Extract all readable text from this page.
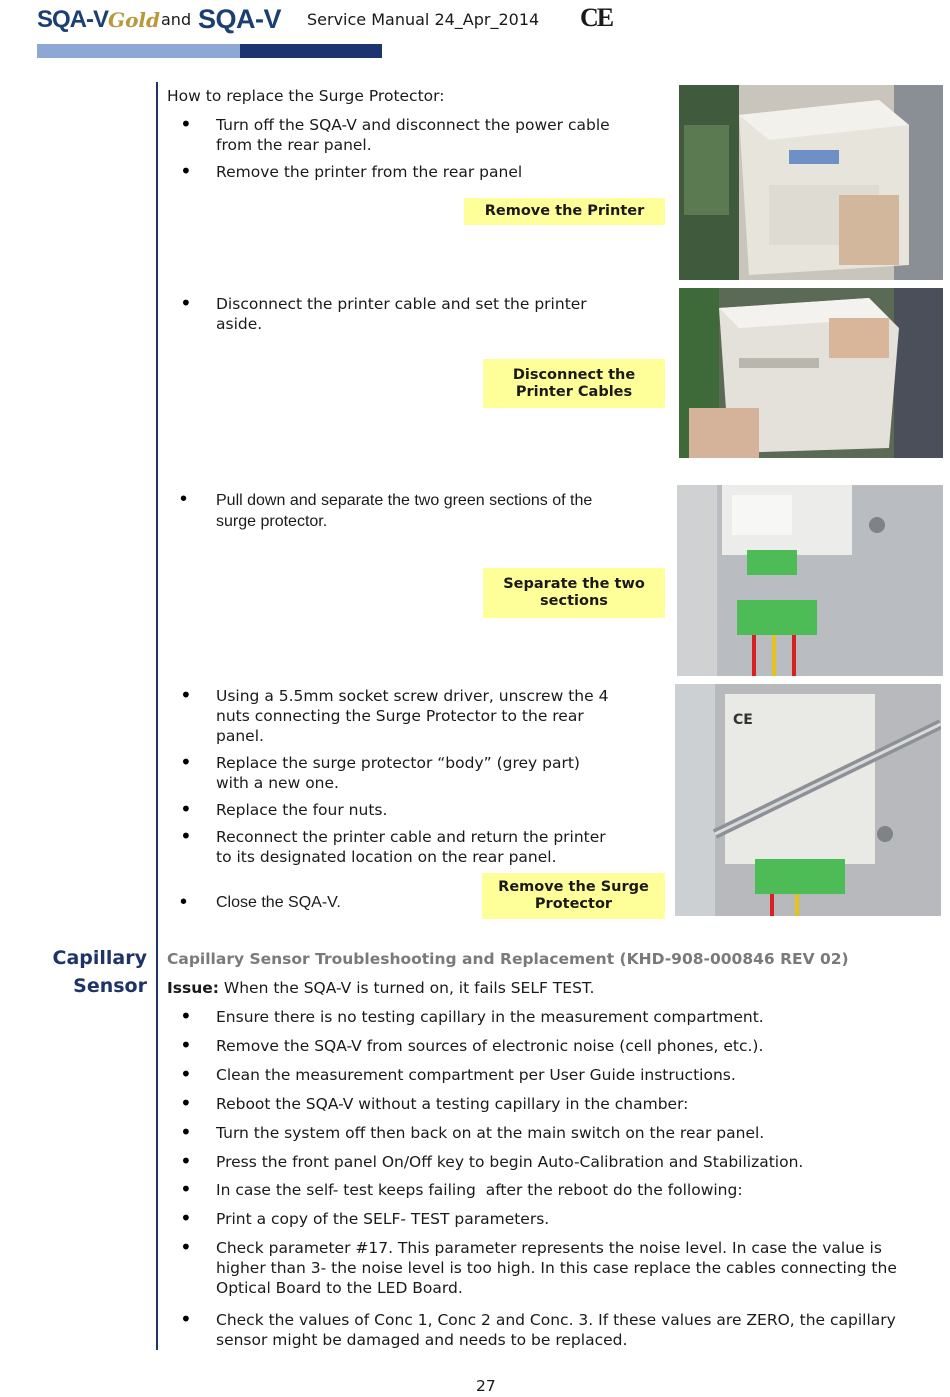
SQA-VGold and SQA-V Service Manual 24_Apr_2014 CE
How to replace the Surge Protector:
• Turn off the SQA-V and disconnect the power cable from the rear panel.
• Remove the printer from the rear panel
Remove the Printer
• Disconnect the printer cable and set the printer aside.
Disconnect the Printer Cables
• Pull down and separate the two green sections of the surge protector.
Separate the two sections
• Using a 5.5mm socket screw driver, unscrew the 4 nuts connecting the Surge Protector to the rear panel.
• Replace the surge protector “body” (grey part) with a new one.
• Replace the four nuts.
• Reconnect the printer cable and return the printer to its designated location on the rear panel.
• Close the SQA-V.
Remove the Surge Protector
CE
Capillary
Sensor
Capillary Sensor Troubleshooting and Replacement (KHD-908-000846 REV 02)
Issue: When the SQA-V is turned on, it fails SELF TEST.
• Ensure there is no testing capillary in the measurement compartment.
• Remove the SQA-V from sources of electronic noise (cell phones, etc.).
• Clean the measurement compartment per User Guide instructions.
• Reboot the SQA-V without a testing capillary in the chamber:
• Turn the system off then back on at the main switch on the rear panel.
• Press the front panel On/Off key to begin Auto-Calibration and Stabilization.
• In case the self- test keeps failing  after the reboot do the following:
• Print a copy of the SELF- TEST parameters.
• Check parameter #17. This parameter represents the noise level. In case the value is higher than 3- the noise level is too high. In this case replace the cables connecting the Optical Board to the LED Board.
• Check the values of Conc 1, Conc 2 and Conc. 3. If these values are ZERO, the capillary sensor might be damaged and needs to be replaced.
27
